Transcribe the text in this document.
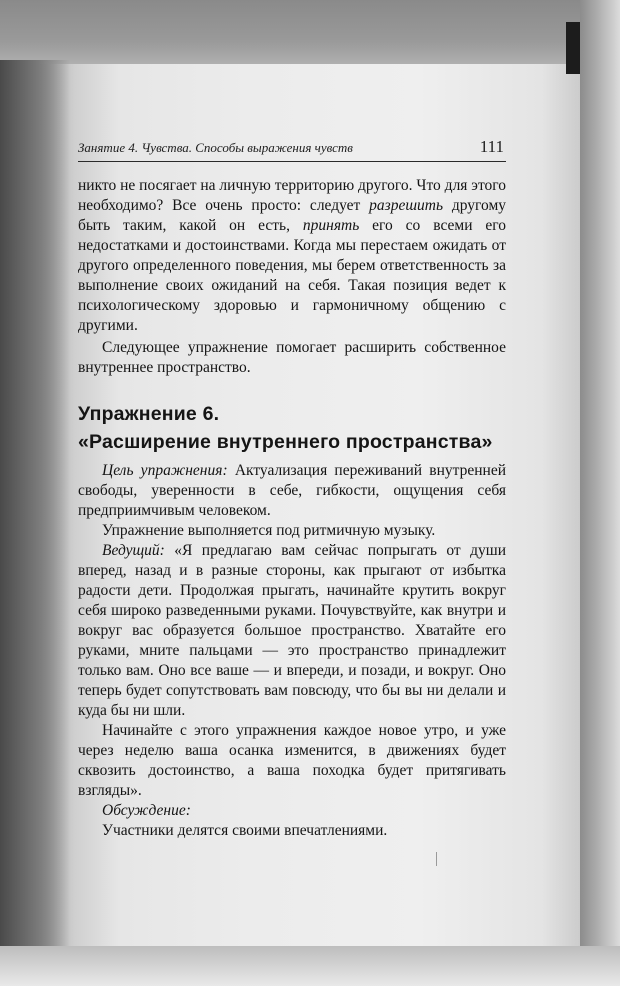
Занятие 4. Чувства. Способы выражения чувств	111

никто не посягает на личную территорию другого. Что для этого необходимо? Все очень просто: следует разрешить другому быть таким, какой он есть, принять его со всеми его недостатками и достоинствами. Когда мы перестаем ожидать от другого определенного поведения, мы берем ответственность за выполнение своих ожиданий на себя. Такая позиция ведет к психологическому здоровью и гармоничному общению с другими.

Следующее упражнение помогает расширить собственное внутреннее пространство.

Упражнение 6.
«Расширение внутреннего пространства»

Цель упражнения: Актуализация переживаний внутренней свободы, уверенности в себе, гибкости, ощущения себя предприимчивым человеком.

Упражнение выполняется под ритмичную музыку.

Ведущий: «Я предлагаю вам сейчас попрыгать от души вперед, назад и в разные стороны, как прыгают от избытка радости дети. Продолжая прыгать, начинайте крутить вокруг себя широко разведенными руками. Почувствуйте, как внутри и вокруг вас образуется большое пространство. Хватайте его руками, мните пальцами — это пространство принадлежит только вам. Оно все ваше — и впереди, и позади, и вокруг. Оно теперь будет сопутствовать вам повсюду, что бы вы ни делали и куда бы ни шли.

Начинайте с этого упражнения каждое новое утро, и уже через неделю ваша осанка изменится, в движениях будет сквозить достоинство, а ваша походка будет притягивать взгляды».

Обсуждение:

Участники делятся своими впечатлениями.
